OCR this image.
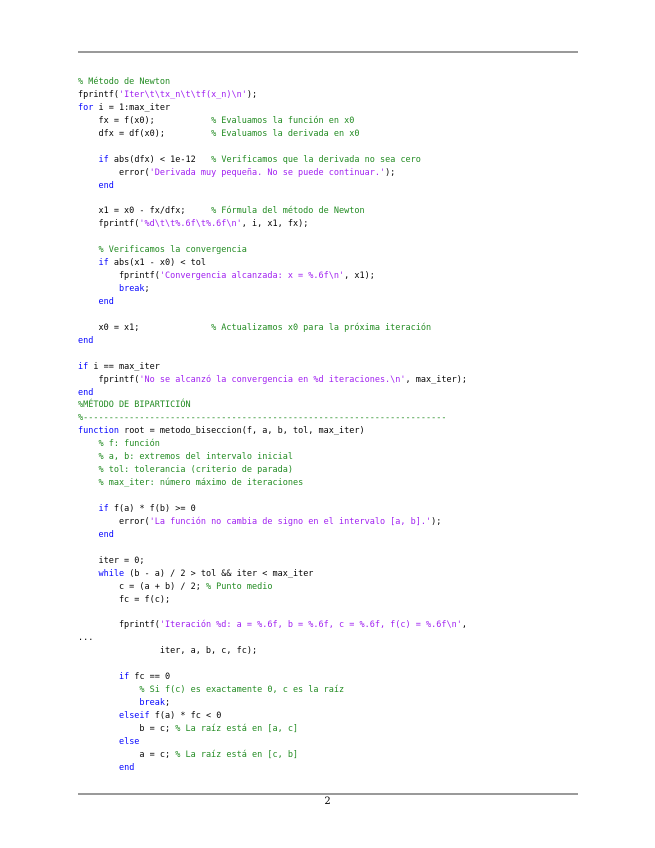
% Método de Newton
fprintf('Iter\t\tx_n\t\tf(x_n)\n');
for i = 1:max_iter
fx = f(x0);           % Evaluamos la función en x0
dfx = df(x0);         % Evaluamos la derivada en x0
if abs(dfx) < 1e-12   % Verificamos que la derivada no sea cero
error('Derivada muy pequeña. No se puede continuar.');
end
x1 = x0 - fx/dfx;     % Fórmula del método de Newton
fprintf('%d\t\t%.6f\t%.6f\n', i, x1, fx);
% Verificamos la convergencia
if abs(x1 - x0) < tol
fprintf('Convergencia alcanzada: x = %.6f\n', x1);
break;
end
x0 = x1;              % Actualizamos x0 para la próxima iteración
end
if i == max_iter
fprintf('No se alcanzó la convergencia en %d iteraciones.\n', max_iter);
end
%MÉTODO DE BIPARTICIÓN
%-----------------------------------------------------------------------
function root = metodo_biseccion(f, a, b, tol, max_iter)
% f: función
% a, b: extremos del intervalo inicial
% tol: tolerancia (criterio de parada)
% max_iter: número máximo de iteraciones
if f(a) * f(b) >= 0
error('La función no cambia de signo en el intervalo [a, b].');
end
iter = 0;
while (b - a) / 2 > tol && iter < max_iter
c = (a + b) / 2; % Punto medio
fc = f(c);
fprintf('Iteración %d: a = %.6f, b = %.6f, c = %.6f, f(c) = %.6f\n',
...
iter, a, b, c, fc);
if fc == 0
% Si f(c) es exactamente 0, c es la raíz
break;
elseif f(a) * fc < 0
b = c; % La raíz está en [a, c]
else
a = c; % La raíz está en [c, b]
end
2
